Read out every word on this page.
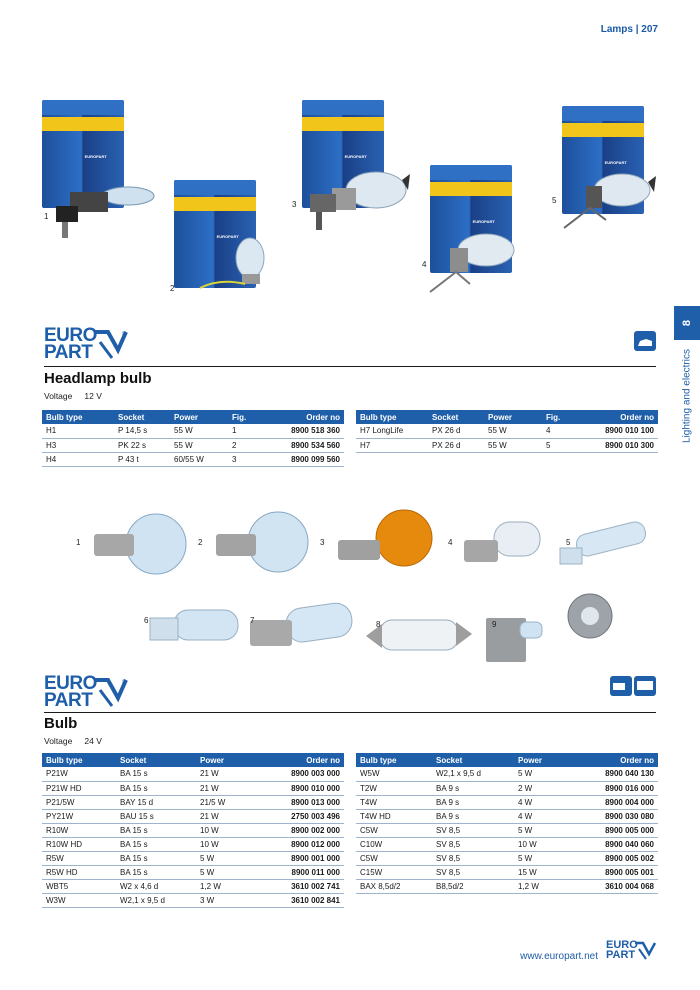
Lamps | 207
8
Lighting and electrics
EUROPART
1
EUROPART
2
EUROPART
3
EUROPART
4
EUROPART
5
EURO
PART
®
Headlamp bulb
Voltage 12 V
Bulb type	Socket	Power	Fig.	Order no
H1	P 14,5 s	55 W	1	8900 518 360
H3	PK 22 s	55 W	2	8900 534 560
H4	P 43 t	60/55 W	3	8900 099 560
Bulb type	Socket	Power	Fig.	Order no
H7 LongLife	PX 26 d	55 W	4	8900 010 100
H7	PX 26 d	55 W	5	8900 010 300
1	2	3	4	5
6	7	8	9
EURO
PART
®
Bulb
Voltage 24 V
Bulb type	Socket	Power	Order no
P21W	BA 15 s	21 W	8900 003 000
P21W HD	BA 15 s	21 W	8900 010 000
P21/5W	BAY 15 d	21/5 W	8900 013 000
PY21W	BAU 15 s	21 W	2750 003 496
R10W	BA 15 s	10 W	8900 002 000
R10W HD	BA 15 s	10 W	8900 012 000
R5W	BA 15 s	5 W	8900 001 000
R5W HD	BA 15 s	5 W	8900 011 000
WBT5	W2 x 4,6 d	1,2 W	3610 002 741
W3W	W2,1 x 9,5 d	3 W	3610 002 841
Bulb type	Socket	Power	Order no
W5W	W2,1 x 9,5 d	5 W	8900 040 130
T2W	BA 9 s	2 W	8900 016 000
T4W	BA 9 s	4 W	8900 004 000
T4W HD	BA 9 s	4 W	8900 030 080
C5W	SV 8,5	5 W	8900 005 000
C10W	SV 8,5	10 W	8900 040 060
C5W	SV 8,5	5 W	8900 005 002
C15W	SV 8,5	15 W	8900 005 001
BAX 8,5d/2	B8,5d/2	1,2 W	3610 004 068
www.europart.net
EURO
PART
